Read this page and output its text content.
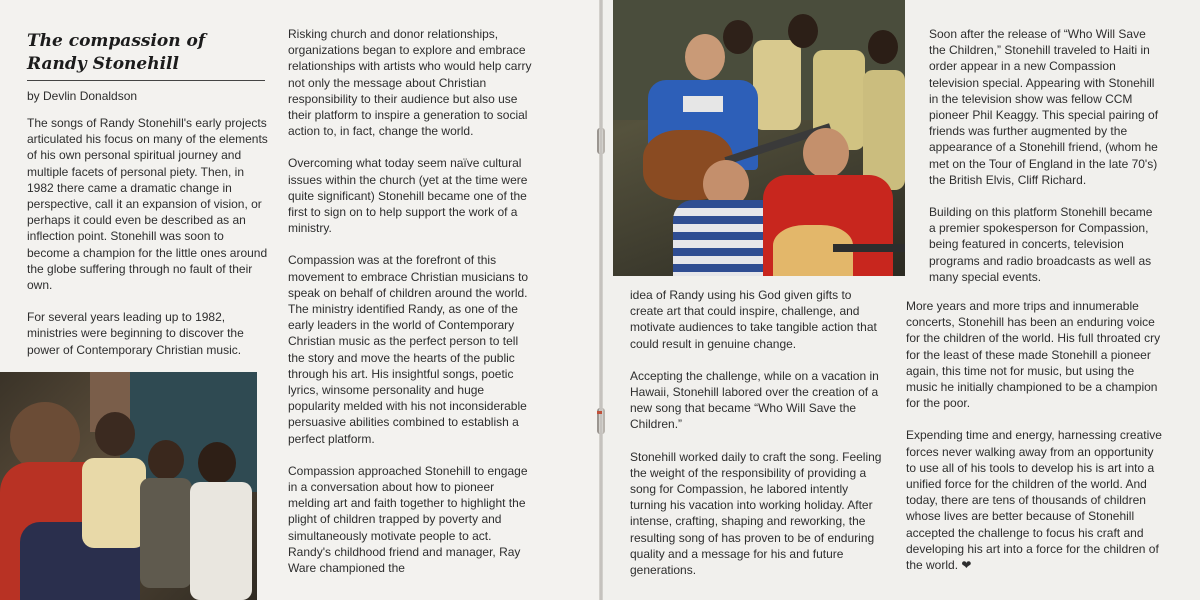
The compassion of
Randy Stonehill

by Devlin Donaldson

The songs of Randy Stonehill's early projects articulated his focus on many of the elements of his own personal spiritual journey and multiple facets of personal piety. Then, in 1982 there came a dramatic change in perspective, call it an expansion of vision, or perhaps it could even be described as an inflection point. Stonehill was soon to become a champion for the little ones around the globe suffering through no fault of their own.

For several years leading up to 1982, ministries were beginning to discover the power of Contemporary Christian music.

Risking church and donor relationships, organizations began to explore and embrace relationships with artists who would help carry not only the message about Christian responsibility to their audience but also use their platform to inspire a generation to social action to, in fact, change the world.

Overcoming what today seem naïve cultural issues within the church (yet at the time were quite significant) Stonehill became one of the first to sign on to help support the work of a ministry.

Compassion was at the forefront of this movement to embrace Christian musicians to speak on behalf of children around the world. The ministry identified Randy, as one of the early leaders in the world of Contemporary Christian music as the perfect person to tell the story and move the hearts of the public through his art. His insightful songs, poetic lyrics, winsome personality and huge popularity melded with his not inconsiderable persuasive abilities combined to establish a perfect platform.

Compassion approached Stonehill to engage in a conversation about how to pioneer melding art and faith together to highlight the plight of children trapped by poverty and simultaneously motivate people to act. Randy's childhood friend and manager, Ray Ware championed the

idea of Randy using his God given gifts to create art that could inspire, challenge, and motivate audiences to take tangible action that could result in genuine change.

Accepting the challenge, while on a vacation in Hawaii, Stonehill labored over the creation of a new song that became “Who Will Save the Children.”

Stonehill worked daily to craft the song. Feeling the weight of the responsibility of providing a song for Compassion, he labored intently turning his vacation into working holiday. After intense, crafting, shaping and reworking, the resulting song of has proven to be of enduring quality and a message for his and future generations.

Soon after the release of “Who Will Save the Children,” Stonehill traveled to Haiti in order appear in a new Compassion television special. Appearing with Stonehill in the television show was fellow CCM pioneer Phil Keaggy. This special pairing of friends was further augmented by the appearance of a Stonehill friend, (whom he met on the Tour of England in the late 70's) the British Elvis, Cliff Richard.

Building on this platform Stonehill became a premier spokesperson for Compassion, being featured in concerts, television programs and radio broadcasts as well as many special events.

More years and more trips and innumerable concerts, Stonehill has been an enduring voice for the children of the world. His full throated cry for the least of these made Stonehill a pioneer again, this time not for music, but using the music he initially championed to be a champion for the poor.

Expending time and energy, harnessing creative forces never walking away from an opportunity to use all of his tools to develop his is art into a unified force for the children of the world. And today, there are tens of thousands of children whose lives are better because of Stonehill accepted the challenge to focus his craft and developing his art into a force for the children of the world. ❤
